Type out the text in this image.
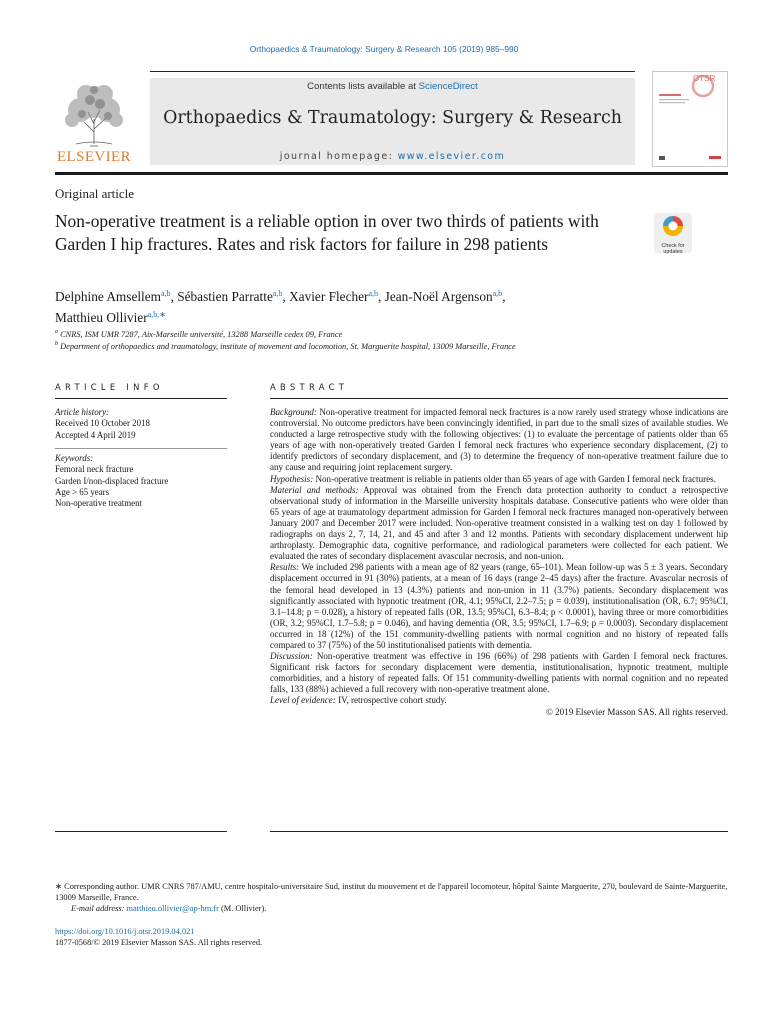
Orthopaedics & Traumatology: Surgery & Research 105 (2019) 985–990
ELSEVIER
Contents lists available at ScienceDirect
Orthopaedics & Traumatology: Surgery & Research
journal homepage: www.elsevier.com
OTSR
Original article
Non-operative treatment is a reliable option in over two thirds of patients with Garden I hip fractures. Rates and risk factors for failure in 298 patients	Check for updates
Delphine Amsellem$^{a,b}$, Sébastien Parratte$^{a,b}$, Xavier Flecher$^{a,b}$, Jean-Noël Argenson$^{a,b}$,
Matthieu Ollivier$^{a,b,∗}$
$^a$ CNRS, ISM UMR 7287, Aix-Marseille université, 13288 Marseille cedex 09, France
$^b$ Department of orthopaedics and traumatology, institute of movement and locomotion, St. Marguerite hospital, 13009 Marseille, France
ARTICLE INFO
Article history:
Received 10 October 2018
Accepted 4 April 2019
Keywords:
Femoral neck fracture
Garden I/non-displaced fracture
Age > 65 years
Non-operative treatment
ABSTRACT

Background: Non-operative treatment for impacted femoral neck fractures is a now rarely used strategy whose indications are controversial. No outcome predictors have been convincingly identified, in part due to the small sizes of available studies. We conducted a large retrospective study with the following objectives: (1) to evaluate the percentage of patients older than 65 years of age with non-operatively treated Garden I femoral neck fractures who experience secondary displacement, (2) to identify predictors of secondary displacement, and (3) to determine the frequency of non-operative treatment failure due to any cause and requiring joint replacement surgery.

Hypothesis: Non-operative treatment is reliable in patients older than 65 years of age with Garden I femoral neck fractures.

Material and methods: Approval was obtained from the French data protection authority to conduct a retrospective observational study of information in the Marseille university hospitals database. Consecutive patients who were older than 65 years of age at traumatology department admission for Garden I femoral neck fractures managed non-operatively between January 2007 and December 2017 were included. Non-operative treatment consisted in a walking test on day 1 followed by radiographs on days 2, 7, 14, 21, and 45 and after 3 and 12 months. Patients with secondary displacement underwent hip arthroplasty. Demographic data, cognitive performance, and radiological parameters were collected for each patient. We evaluated the rates of secondary displacement avascular necrosis, and non-union.

Results: We included 298 patients with a mean age of 82 years (range, 65–101). Mean follow-up was 5 ± 3 years. Secondary displacement occurred in 91 (30%) patients, at a mean of 16 days (range 2–45 days) after the fracture. Avascular necrosis of the femoral head developed in 13 (4.3%) patients and non-union in 11 (3.7%) patients. Secondary displacement was significantly associated with hypnotic treatment (OR, 4.1; 95%CI, 2.2–7.5; p = 0.039), institutionalisation (OR, 6.7; 95%CI, 3.1–14.8; p = 0.028), a history of repeated falls (OR, 13.5; 95%CI, 6.3–8.4; p < 0.0001), having three or more comorbidities (OR, 3.2; 95%CI, 1.7–5.8; p = 0.046), and having dementia (OR, 3.5; 95%CI, 1.7–6.9; p = 0.0003). Secondary displacement occurred in 18 (12%) of the 151 community-dwelling patients with normal cognition and no history of repeated falls compared to 37 (75%) of the 50 institutionalised patients with dementia.

Discussion: Non-operative treatment was effective in 196 (66%) of 298 patients with Garden I femoral neck fractures. Significant risk factors for secondary displacement were dementia, institutionalisation, hypnotic treatment, multiple comorbidities, and a history of repeated falls. Of 151 community-dwelling patients with normal cognition and no repeated falls, 133 (88%) achieved a full recovery with non-operative treatment alone.

Level of evidence: IV, retrospective cohort study.

© 2019 Elsevier Masson SAS. All rights reserved.

∗ Corresponding author. UMR CNRS 787/AMU, centre hospitalo-universitaire Sud, institut du mouvement et de l'appareil locomoteur, hôpital Sainte Marguerite, 270, boulevard de Sainte-Marguerite, 13009 Marseille, France.
E-mail address: matthieu.ollivier@ap-hm.fr (M. Ollivier).
https://doi.org/10.1016/j.otsr.2019.04.021
1877-0568/© 2019 Elsevier Masson SAS. All rights reserved.
